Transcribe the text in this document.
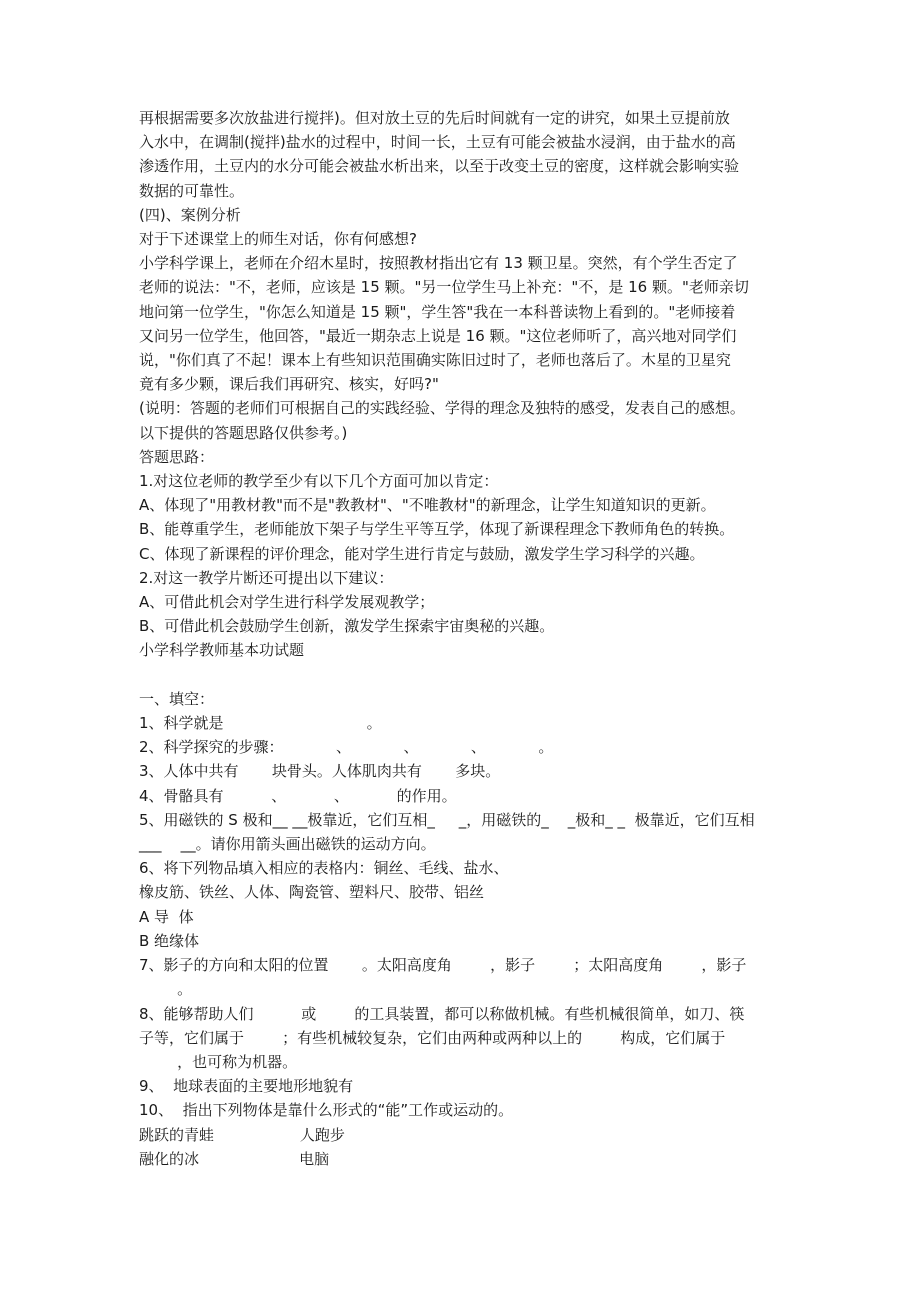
再根据需要多次放盐进行搅拌)。但对放土豆的先后时间就有一定的讲究，如果土豆提前放

入水中，在调制(搅拌)盐水的过程中，时间一长，土豆有可能会被盐水浸润，由于盐水的高

渗透作用，土豆内的水分可能会被盐水析出来，以至于改变土豆的密度，这样就会影响实验

数据的可靠性。

(四)、案例分析

对于下述课堂上的师生对话，你有何感想?

小学科学课上，老师在介绍木星时，按照教材指出它有 13 颗卫星。突然，有个学生否定了

老师的说法："不，老师，应该是 15 颗。"另一位学生马上补充："不，是 16 颗。"老师亲切

地问第一位学生，"你怎么知道是 15 颗"，学生答"我在一本科普读物上看到的。"老师接着

又问另一位学生，他回答，"最近一期杂志上说是 16 颗。"这位老师听了，高兴地对同学们

说，"你们真了不起！课本上有些知识范围确实陈旧过时了，老师也落后了。木星的卫星究

竟有多少颗，课后我们再研究、核实，好吗?"

(说明：答题的老师们可根据自己的实践经验、学得的理念及独特的感受，发表自己的感想。

以下提供的答题思路仅供参考。)

答题思路：

1.对这位老师的教学至少有以下几个方面可加以肯定：

A、体现了"用教材教"而不是"教教材"、"不唯教材"的新理念，让学生知道知识的更新。

B、能尊重学生，老师能放下架子与学生平等互学，体现了新课程理念下教师角色的转换。

C、体现了新课程的评价理念，能对学生进行肯定与鼓励，激发学生学习科学的兴趣。

2.对这一教学片断还可提出以下建议：

A、可借此机会对学生进行科学发展观教学；

B、可借此机会鼓励学生创新，激发学生探索宇宙奥秘的兴趣。

小学科学教师基本功试题

一、填空：

1、科学就是                              。

2、科学探究的步骤：           、           、           、           。

3、人体中共有       块骨头。人体肌肉共有       多块。

4、骨骼具有          、          、          的作用。

5、用磁铁的 S 极和__ __极靠近，它们互相_     _，用磁铁的_    _极和_ _  极靠近，它们互相

___    __。请你用箭头画出磁铁的运动方向。

6、将下列物品填入相应的表格内：铜丝、毛线、盐水、

橡皮筋、铁丝、人体、陶瓷管、塑料尺、胶带、铝丝

A 导  体

B 绝缘体

7、影子的方向和太阳的位置       。太阳高度角        ，影子        ；太阳高度角        ，影子

。

8、能够帮助人们          或        的工具装置，都可以称做机械。有些机械很简单，如刀、筷

子等，它们属于        ；有些机械较复杂，它们由两种或两种以上的        构成，它们属于

，也可称为机器。

9、  地球表面的主要地形地貌有

10、  指出下列物体是靠什么形式的“能”工作或运动的。

跳跃的青蛙                  人跑步

融化的冰                     电脑
